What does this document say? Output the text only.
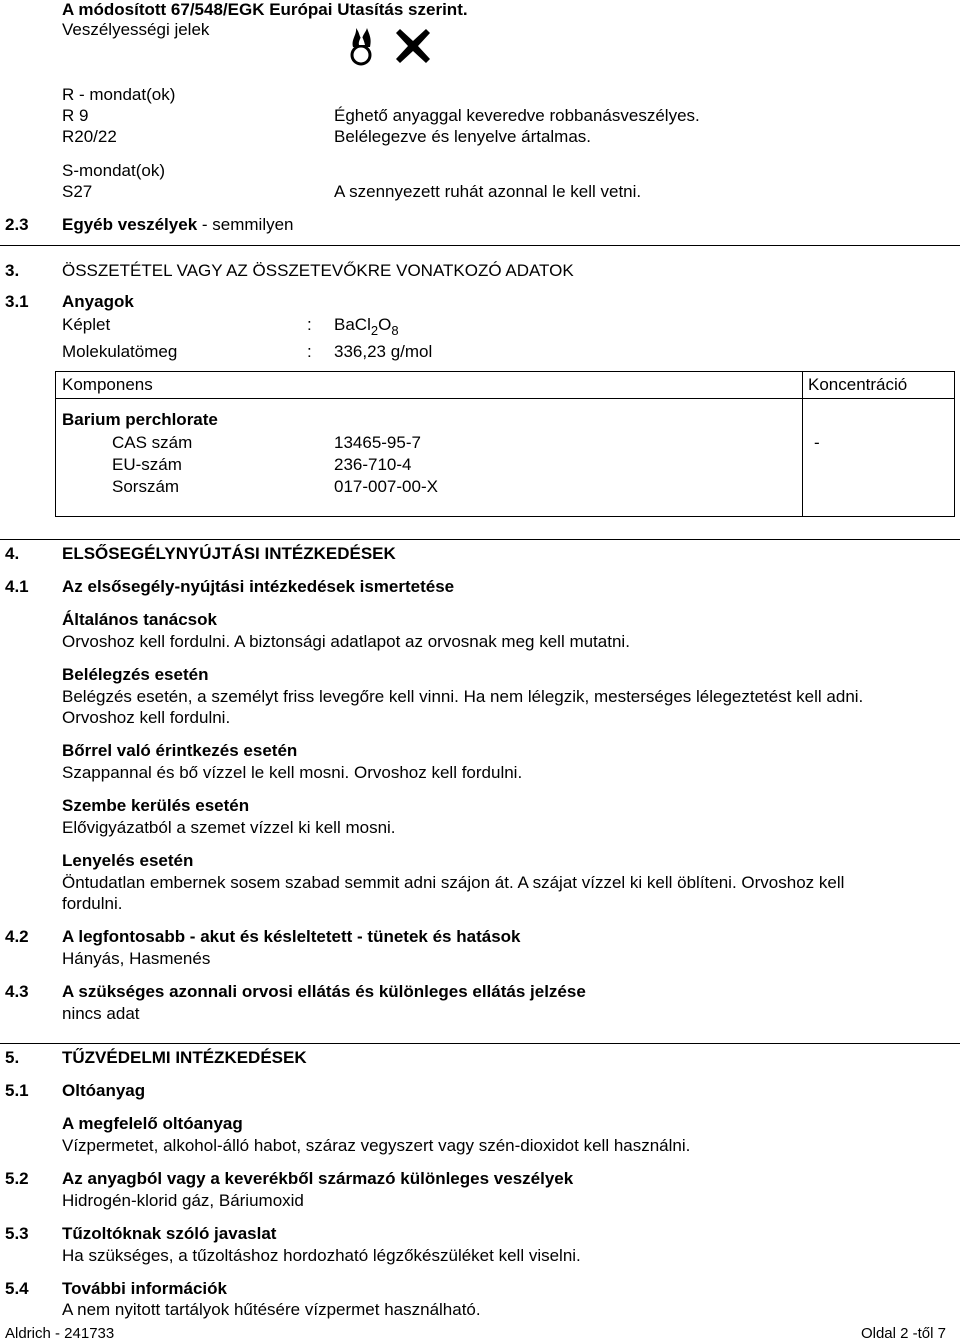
A módosított 67/548/EGK Európai Utasítás szerint.
Veszélyességi jelek
R - mondat(ok)
R 9	Éghető anyaggal keveredve robbanásveszélyes.
R20/22	Belélegezve és lenyelve ártalmas.
S-mondat(ok)
S27	A szennyezett ruhát azonnal le kell vetni.
2.3 Egyéb veszélyek - semmilyen
3.	ÖSSZETÉTEL VAGY AZ ÖSSZETEVŐKRE VONATKOZÓ ADATOK
3.1 Anyagok
Képlet	: $BaCl_2O_8$
Molekulatömeg	: 336,23 g/mol
Komponens	Koncentráció
Barium perchlorate
CAS szám	13465-95-7	-
EU-szám	236-710-4
Sorszám	017-007-00-X
4.	ELSŐSEGÉLYNYÚJTÁSI INTÉZKEDÉSEK
4.1 Az elsősegély-nyújtási intézkedések ismertetése
Általános tanácsok
Orvoshoz kell fordulni. A biztonsági adatlapot az orvosnak meg kell mutatni.
Belélegzés esetén
Belégzés esetén, a személyt friss levegőre kell vinni. Ha nem lélegzik, mesterséges lélegeztetést kell adni.
Orvoshoz kell fordulni.
Bőrrel való érintkezés esetén
Szappannal és bő vízzel le kell mosni. Orvoshoz kell fordulni.
Szembe kerülés esetén
Elővigyázatból a szemet vízzel ki kell mosni.
Lenyelés esetén
Öntudatlan embernek sosem szabad semmit adni szájon át. A szájat vízzel ki kell öblíteni. Orvoshoz kell
fordulni.
4.2 A legfontosabb - akut és késleltetett - tünetek és hatások
Hányás, Hasmenés
4.3 A szükséges azonnali orvosi ellátás és különleges ellátás jelzése
nincs adat
5.	TŰZVÉDELMI INTÉZKEDÉSEK
5.1 Oltóanyag
A megfelelő oltóanyag
Vízpermetet, alkohol-álló habot, száraz vegyszert vagy szén-dioxidot kell használni.
5.2 Az anyagból vagy a keverékből származó különleges veszélyek
Hidrogén-klorid gáz, Báriumoxid
5.3 Tűzoltóknak szóló javaslat
Ha szükséges, a tűzoltáshoz hordozható légzőkészüléket kell viselni.
5.4 További információk
A nem nyitott tartályok hűtésére vízpermet használható.
Aldrich - 241733	Oldal 2 -től 7
